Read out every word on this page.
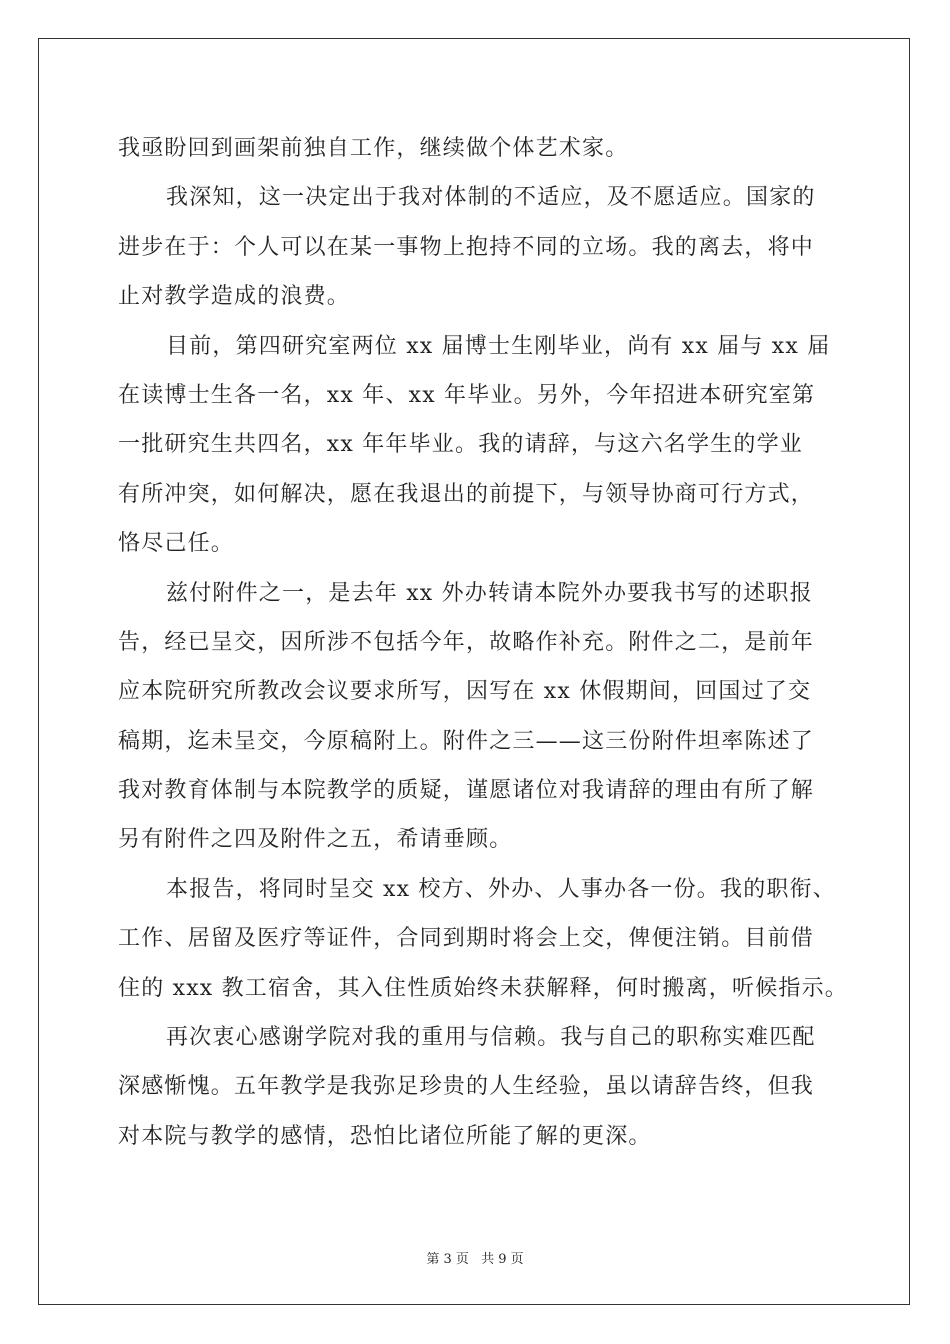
我亟盼回到画架前独自工作，继续做个体艺术家。
我深知，这一决定出于我对体制的不适应，及不愿适应。国家的
进步在于：个人可以在某一事物上抱持不同的立场。我的离去，将中
止对教学造成的浪费。
目前，第四研究室两位 xx 届博士生刚毕业，尚有 xx 届与 xx 届
在读博士生各一名，xx 年、xx 年毕业。另外，今年招进本研究室第
一批研究生共四名，xx 年年毕业。我的请辞，与这六名学生的学业
有所冲突，如何解决，愿在我退出的前提下，与领导协商可行方式，
恪尽己任。
兹付附件之一，是去年 xx 外办转请本院外办要我书写的述职报
告，经已呈交，因所涉不包括今年，故略作补充。附件之二，是前年
应本院研究所教改会议要求所写，因写在 xx 休假期间，回国过了交
稿期，迄未呈交，今原稿附上。附件之三——这三份附件坦率陈述了
我对教育体制与本院教学的质疑，谨愿诸位对我请辞的理由有所了解
另有附件之四及附件之五，希请垂顾。
本报告，将同时呈交 xx 校方、外办、人事办各一份。我的职衔、
工作、居留及医疗等证件，合同到期时将会上交，俾便注销。目前借
住的 xxx 教工宿舍，其入住性质始终未获解释，何时搬离，听候指示。
再次衷心感谢学院对我的重用与信赖。我与自己的职称实难匹配
深感惭愧。五年教学是我弥足珍贵的人生经验，虽以请辞告终，但我
对本院与教学的感情，恐怕比诸位所能了解的更深。
第 3 页 共 9 页
